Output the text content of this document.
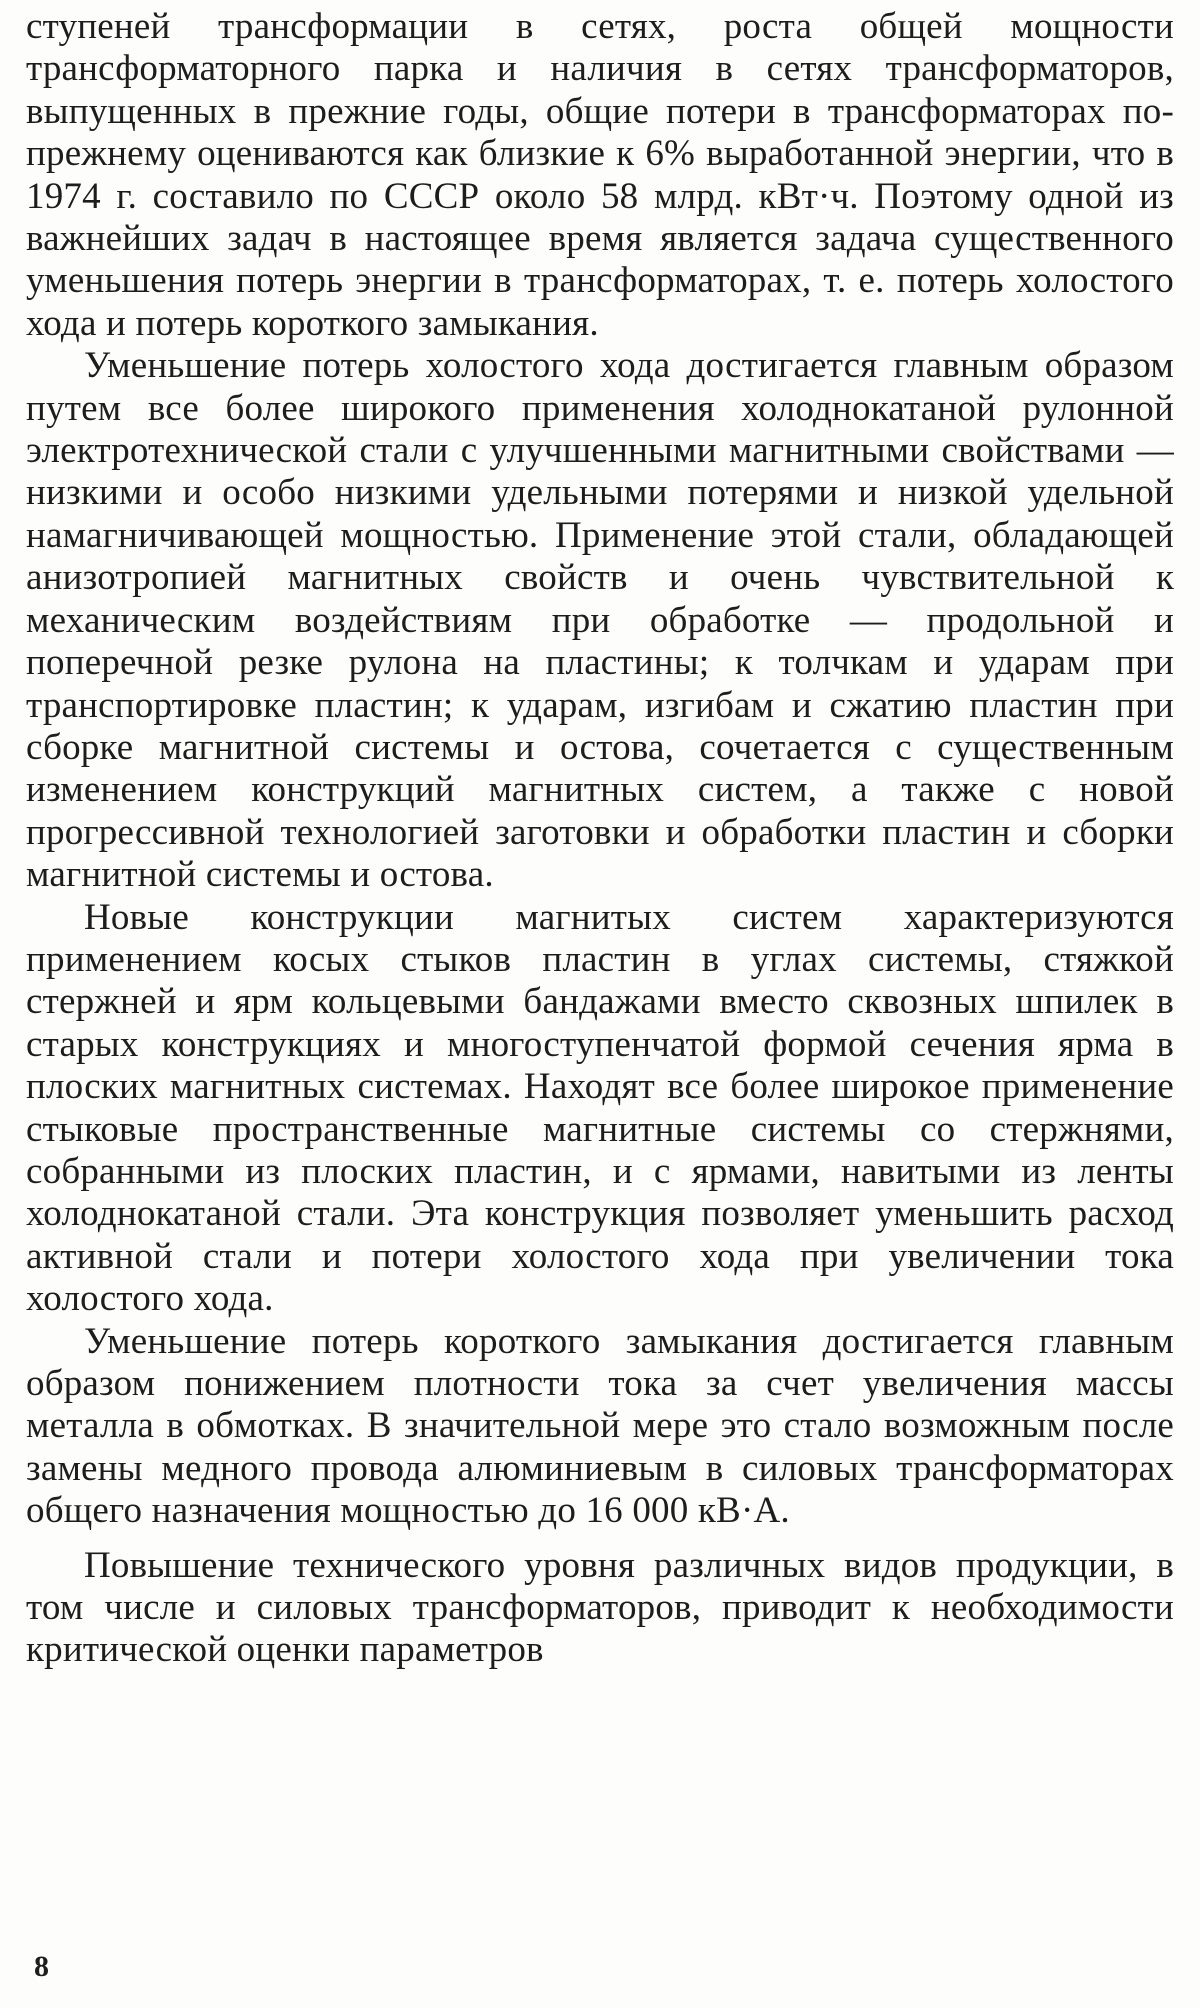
ступеней трансформации в сетях, роста общей мощности трансформаторного парка и наличия в сетях трансформаторов, выпущенных в прежние годы, общие потери в трансформаторах по-прежнему оцениваются как близкие к 6% выработанной энергии, что в 1974 г. составило по СССР около 58 млрд. кВт·ч. Поэтому одной из важнейших задач в настоящее время является задача существенного уменьшения потерь энергии в трансформаторах, т. е. потерь холостого хода и потерь короткого замыкания.

Уменьшение потерь холостого хода достигается главным образом путем все более широкого применения холоднокатаной рулонной электротехнической стали с улучшенными магнитными свойствами — низкими и особо низкими удельными потерями и низкой удельной намагничивающей мощностью. Применение этой стали, обладающей анизотропией магнитных свойств и очень чувствительной к механическим воздействиям при обработке — продольной и поперечной резке рулона на пластины; к толчкам и ударам при транспортировке пластин; к ударам, изгибам и сжатию пластин при сборке магнитной системы и остова, сочетается с существенным изменением конструкций магнитных систем, а также с новой прогрессивной технологией заготовки и обработки пластин и сборки магнитной системы и остова.

Новые конструкции магнитых систем характеризуются применением косых стыков пластин в углах системы, стяжкой стержней и ярм кольцевыми бандажами вместо сквозных шпилек в старых конструкциях и многоступенчатой формой сечения ярма в плоских магнитных системах. Находят все более широкое применение стыковые пространственные магнитные системы со стержнями, собранными из плоских пластин, и с ярмами, навитыми из ленты холоднокатаной стали. Эта конструкция позволяет уменьшить расход активной стали и потери холостого хода при увеличении тока холостого хода.

Уменьшение потерь короткого замыкания достигается главным образом понижением плотности тока за счет увеличения массы металла в обмотках. В значительной мере это стало возможным после замены медного провода алюминиевым в силовых трансформаторах общего назначения мощностью до 16 000 кВ·А.

Повышение технического уровня различных видов продукции, в том числе и силовых трансформаторов, приводит к необходимости критической оценки параметров

8
